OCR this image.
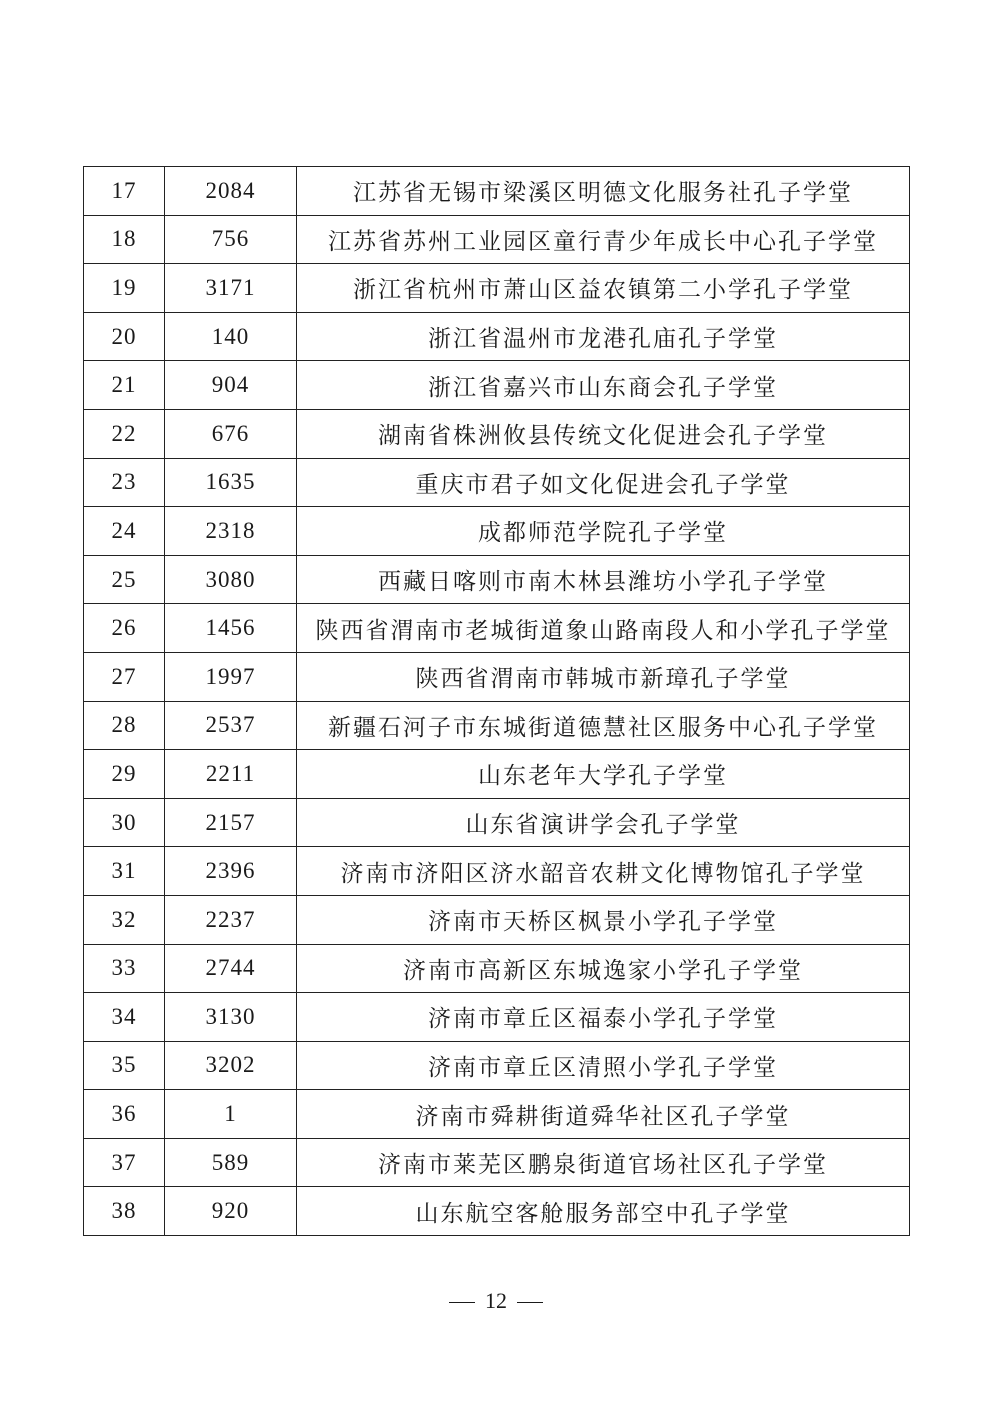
17	2084	江苏省无锡市梁溪区明德文化服务社孔子学堂
18	756	江苏省苏州工业园区童行青少年成长中心孔子学堂
19	3171	浙江省杭州市萧山区益农镇第二小学孔子学堂
20	140	浙江省温州市龙港孔庙孔子学堂
21	904	浙江省嘉兴市山东商会孔子学堂
22	676	湖南省株洲攸县传统文化促进会孔子学堂
23	1635	重庆市君子如文化促进会孔子学堂
24	2318	成都师范学院孔子学堂
25	3080	西藏日喀则市南木林县潍坊小学孔子学堂
26	1456	陕西省渭南市老城街道象山路南段人和小学孔子学堂
27	1997	陕西省渭南市韩城市新璋孔子学堂
28	2537	新疆石河子市东城街道德慧社区服务中心孔子学堂
29	2211	山东老年大学孔子学堂
30	2157	山东省演讲学会孔子学堂
31	2396	济南市济阳区济水韶音农耕文化博物馆孔子学堂
32	2237	济南市天桥区枫景小学孔子学堂
33	2744	济南市高新区东城逸家小学孔子学堂
34	3130	济南市章丘区福泰小学孔子学堂
35	3202	济南市章丘区清照小学孔子学堂
36	1	济南市舜耕街道舜华社区孔子学堂
37	589	济南市莱芜区鹏泉街道官场社区孔子学堂
38	920	山东航空客舱服务部空中孔子学堂
12
